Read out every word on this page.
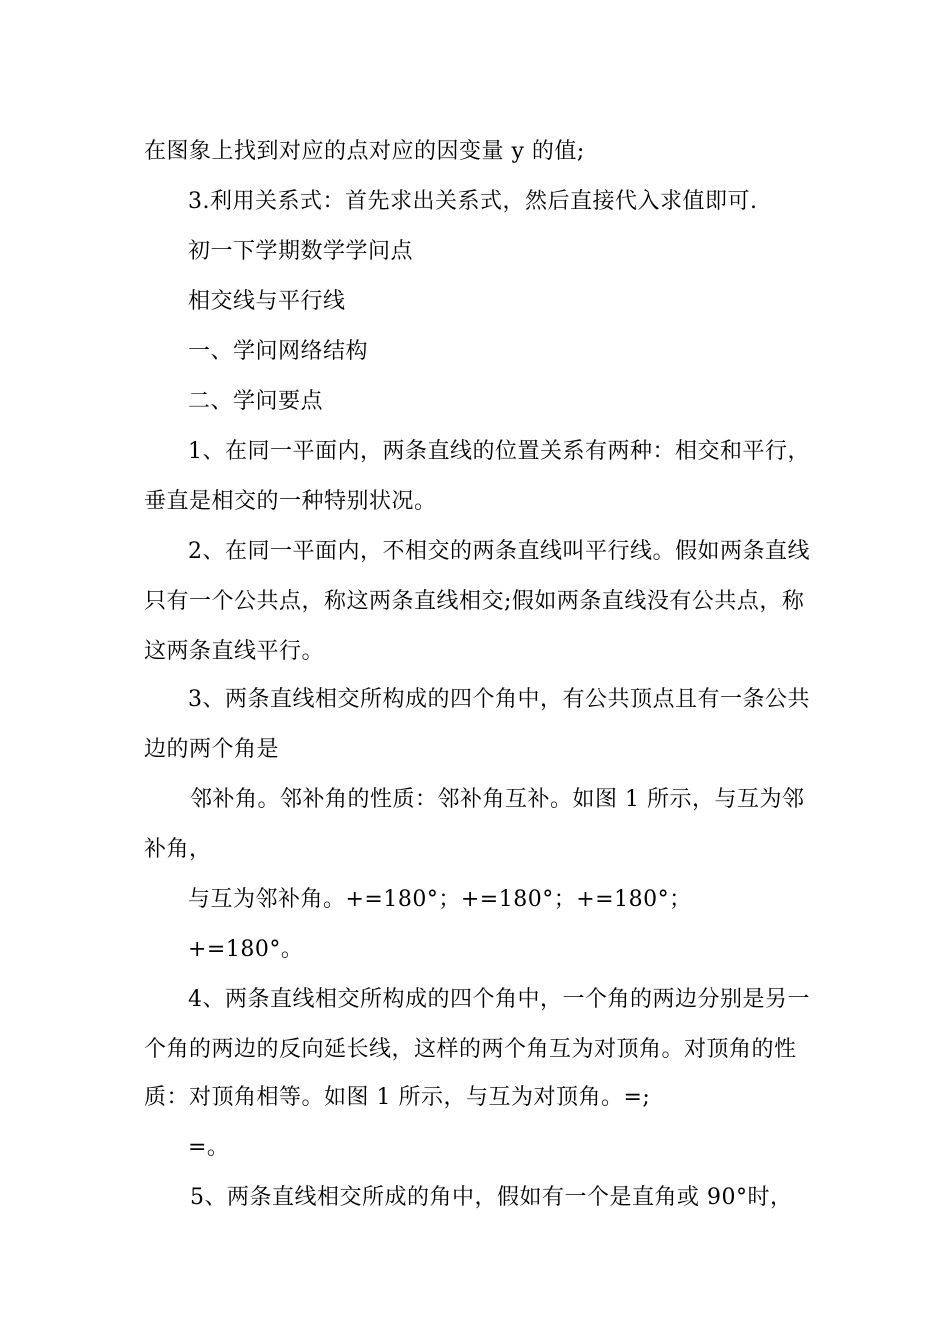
在图象上找到对应的点对应的因变量 y 的值;
3.利用关系式：首先求出关系式，然后直接代入求值即可.
初一下学期数学学问点
相交线与平行线
一、学问网络结构
二、学问要点
1、在同一平面内，两条直线的位置关系有两种：相交和平行，
垂直是相交的一种特别状况。
2、在同一平面内，不相交的两条直线叫平行线。假如两条直线
只有一个公共点，称这两条直线相交;假如两条直线没有公共点，称
这两条直线平行。
3、两条直线相交所构成的四个角中，有公共顶点且有一条公共
边的两个角是
邻补角。邻补角的性质：邻补角互补。如图 1 所示，与互为邻
补角，
与互为邻补角。+=180°；+=180°；+=180°；
+=180°。
4、两条直线相交所构成的四个角中，一个角的两边分别是另一
个角的两边的反向延长线，这样的两个角互为对顶角。对顶角的性
质：对顶角相等。如图 1 所示，与互为对顶角。=;
=。
5、两条直线相交所成的角中，假如有一个是直角或 90°时，
